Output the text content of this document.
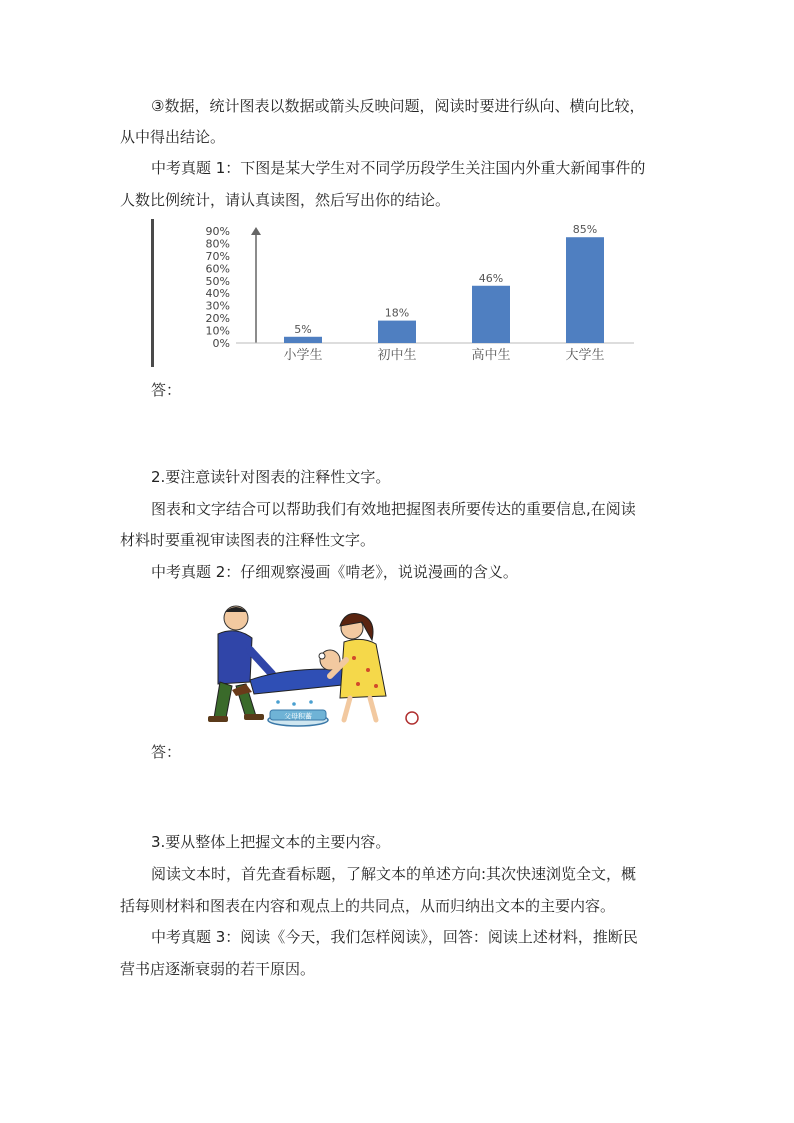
③数据，统计图表以数据或箭头反映问题，阅读时要进行纵向、横向比较，
从中得出结论。
中考真题 1：下图是某大学生对不同学历段学生关注国内外重大新闻事件的
人数比例统计，请认真读图，然后写出你的结论。
0%
10%
20%
30%
40%
50%
60%
70%
80%
90%
5%
18%
46%
85%
小学生	初中生	高中生	大学生
答：
2.要注意读针对图表的注释性文字。
图表和文字结合可以帮助我们有效地把握图表所要传达的重要信息,在阅读
材料时要重视审读图表的注释性文字。
中考真题 2：仔细观察漫画《啃老》，说说漫画的含义。
父母积蓄
答：
3.要从整体上把握文本的主要内容。
阅读文本时，首先查看标题，了解文本的单述方向:其次快速浏览全文，概
括每则材料和图表在内容和观点上的共同点，从而归纳出文本的主要内容。
中考真题 3：阅读《今天，我们怎样阅读》，回答：阅读上述材料，推断民
营书店逐渐衰弱的若干原因。
